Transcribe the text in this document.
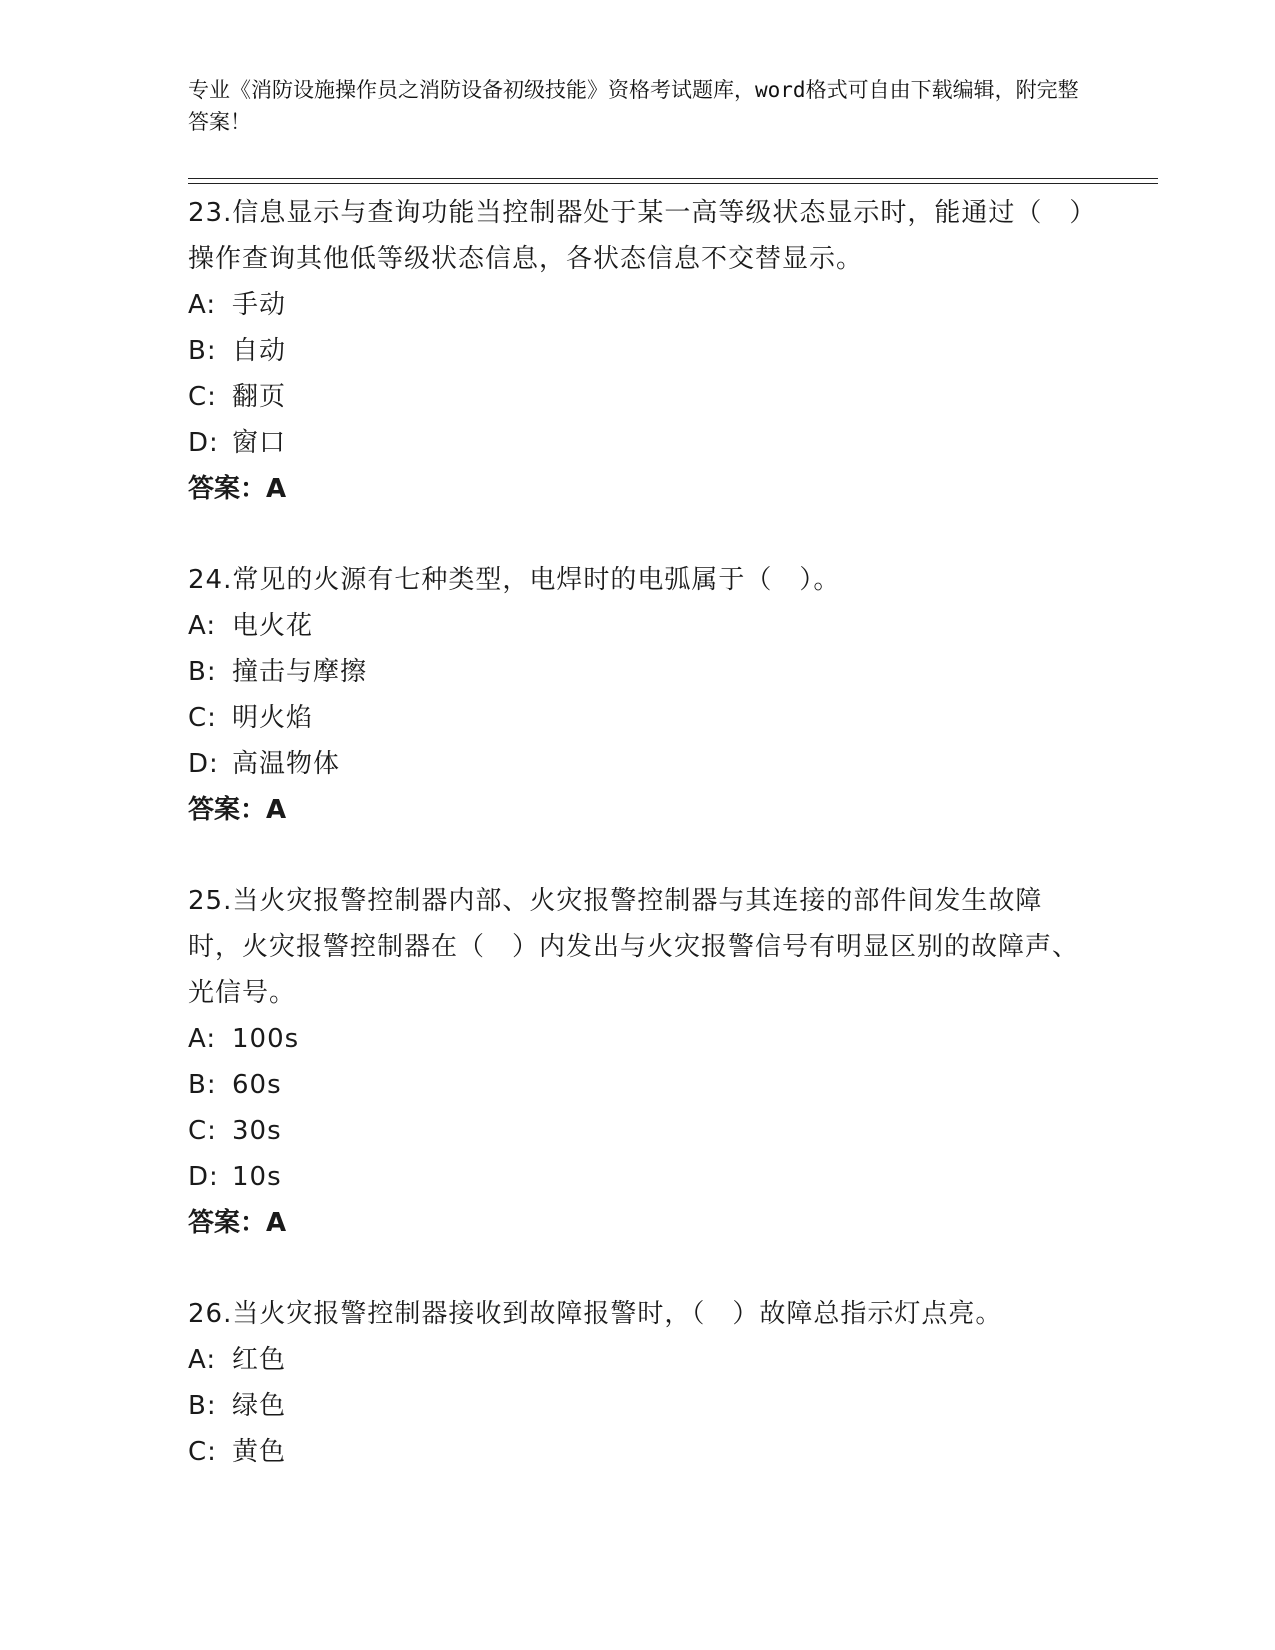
专业《消防设施操作员之消防设备初级技能》资格考试题库，word格式可自由下载编辑，附完整答案！
23.信息显示与查询功能当控制器处于某一高等级状态显示时，能通过（　）操作查询其他低等级状态信息，各状态信息不交替显示。
A: 手动
B: 自动
C: 翻页
D: 窗口
答案：A
24.常见的火源有七种类型，电焊时的电弧属于（　）。
A: 电火花
B: 撞击与摩擦
C: 明火焰
D: 高温物体
答案：A
25.当火灾报警控制器内部、火灾报警控制器与其连接的部件间发生故障时，火灾报警控制器在（　）内发出与火灾报警信号有明显区别的故障声、光信号。
A: 100s
B: 60s
C: 30s
D: 10s
答案：A
26.当火灾报警控制器接收到故障报警时，（　）故障总指示灯点亮。
A: 红色
B: 绿色
C: 黄色
